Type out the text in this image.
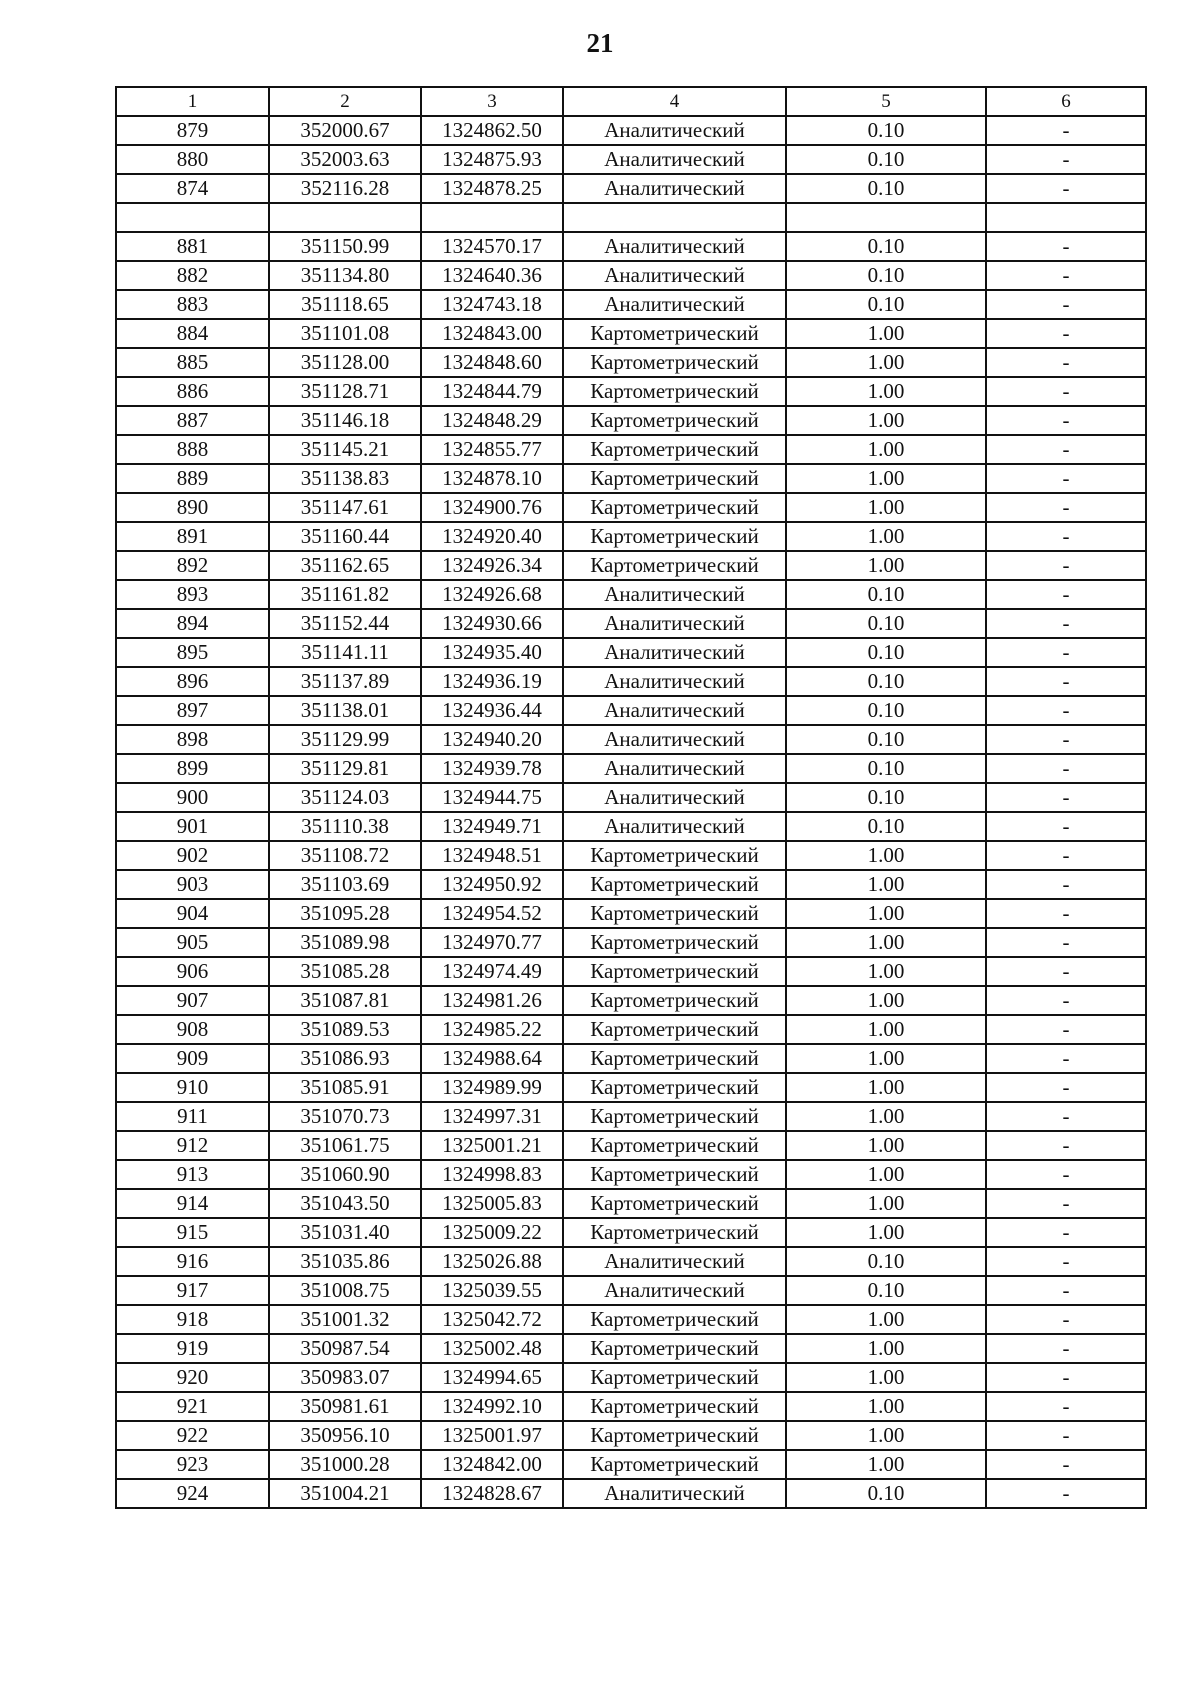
21
1	2	3	4	5	6
879	352000.67	1324862.50	Аналитический	0.10	-
880	352003.63	1324875.93	Аналитический	0.10	-
874	352116.28	1324878.25	Аналитический	0.10	-

881	351150.99	1324570.17	Аналитический	0.10	-
882	351134.80	1324640.36	Аналитический	0.10	-
883	351118.65	1324743.18	Аналитический	0.10	-
884	351101.08	1324843.00	Картометрический	1.00	-
885	351128.00	1324848.60	Картометрический	1.00	-
886	351128.71	1324844.79	Картометрический	1.00	-
887	351146.18	1324848.29	Картометрический	1.00	-
888	351145.21	1324855.77	Картометрический	1.00	-
889	351138.83	1324878.10	Картометрический	1.00	-
890	351147.61	1324900.76	Картометрический	1.00	-
891	351160.44	1324920.40	Картометрический	1.00	-
892	351162.65	1324926.34	Картометрический	1.00	-
893	351161.82	1324926.68	Аналитический	0.10	-
894	351152.44	1324930.66	Аналитический	0.10	-
895	351141.11	1324935.40	Аналитический	0.10	-
896	351137.89	1324936.19	Аналитический	0.10	-
897	351138.01	1324936.44	Аналитический	0.10	-
898	351129.99	1324940.20	Аналитический	0.10	-
899	351129.81	1324939.78	Аналитический	0.10	-
900	351124.03	1324944.75	Аналитический	0.10	-
901	351110.38	1324949.71	Аналитический	0.10	-
902	351108.72	1324948.51	Картометрический	1.00	-
903	351103.69	1324950.92	Картометрический	1.00	-
904	351095.28	1324954.52	Картометрический	1.00	-
905	351089.98	1324970.77	Картометрический	1.00	-
906	351085.28	1324974.49	Картометрический	1.00	-
907	351087.81	1324981.26	Картометрический	1.00	-
908	351089.53	1324985.22	Картометрический	1.00	-
909	351086.93	1324988.64	Картометрический	1.00	-
910	351085.91	1324989.99	Картометрический	1.00	-
911	351070.73	1324997.31	Картометрический	1.00	-
912	351061.75	1325001.21	Картометрический	1.00	-
913	351060.90	1324998.83	Картометрический	1.00	-
914	351043.50	1325005.83	Картометрический	1.00	-
915	351031.40	1325009.22	Картометрический	1.00	-
916	351035.86	1325026.88	Аналитический	0.10	-
917	351008.75	1325039.55	Аналитический	0.10	-
918	351001.32	1325042.72	Картометрический	1.00	-
919	350987.54	1325002.48	Картометрический	1.00	-
920	350983.07	1324994.65	Картометрический	1.00	-
921	350981.61	1324992.10	Картометрический	1.00	-
922	350956.10	1325001.97	Картометрический	1.00	-
923	351000.28	1324842.00	Картометрический	1.00	-
924	351004.21	1324828.67	Аналитический	0.10	-
